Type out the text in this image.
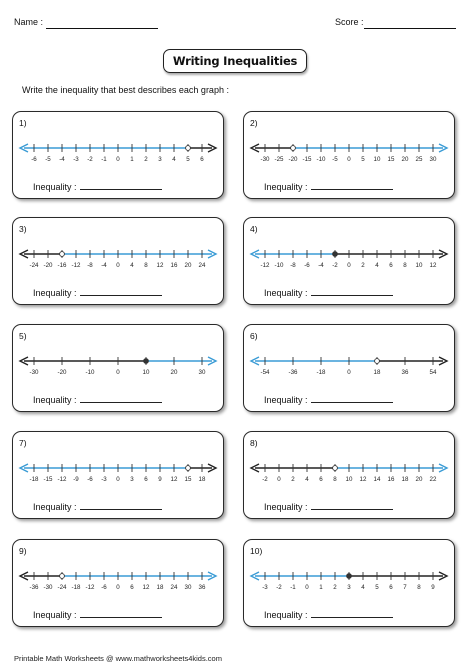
Name :	Score :
Writing Inequalities
Write the inequality that best describes each graph :
1)
-6 -5 -4 -3 -2 -1 0 1 2 3 4 5 6
Inequality :
2)
-30 -25 -20 -15 -10 -5 0 5 10 15 20 25 30
Inequality :
3)
-24 -20 -16 -12 -8 -4 0 4 8 12 16 20 24
Inequality :
4)
-12 -10 -8 -6 -4 -2 0 2 4 6 8 10 12
Inequality :
5)
-30	-20	-10	0	10	20	30
Inequality :
6)
-54	-36	-18	0	18	36	54
Inequality :
7)
-18 -15 -12 -9 -6 -3 0 3 6 9 12 15 18
Inequality :
8)
-2 0 2 4 6 8 10 12 14 16 18 20 22
Inequality :
9)
-36 -30 -24 -18 -12 -6 0 6 12 18 24 30 36
Inequality :
10)
-3 -2 -1 0 1 2 3 4 5 6 7 8 9
Inequality :
Printable Math Worksheets @ www.mathworksheets4kids.com
